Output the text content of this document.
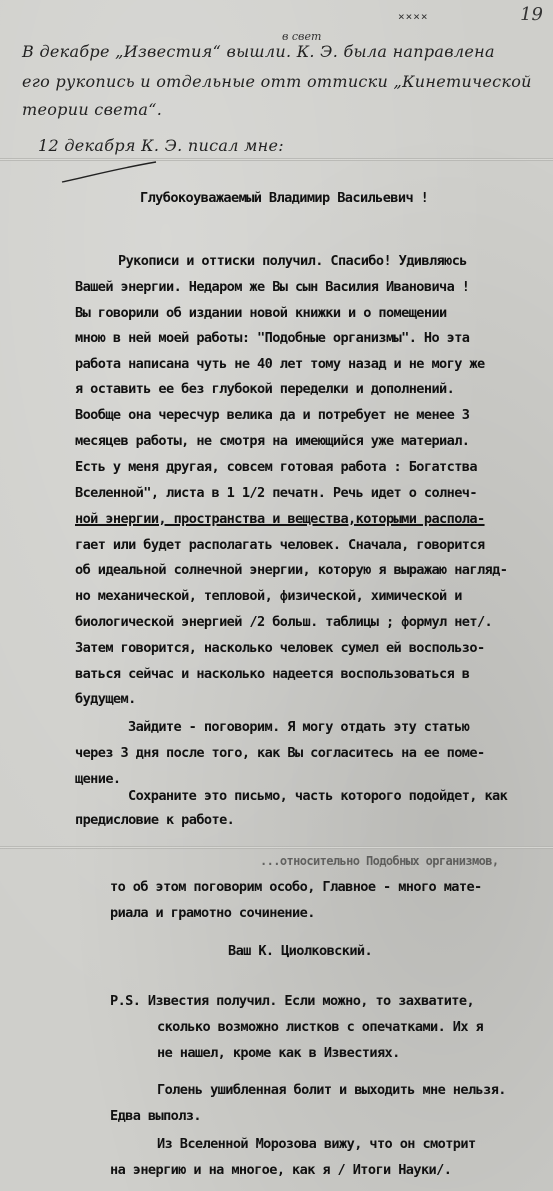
19
××××
в свет
В декабре „Известия“ вышли. К. Э. была направлена
его рукопись и отдельные отт оттиски „Кинетической
теории света“.
12 декабря К. Э. писал мне:
Глубокоуважаемый Владимир Васильевич !
Рукописи и оттиски получил. Спасибо! Удивляюсь
Вашей энергии. Недаром же Вы сын Василия Ивановича !
Вы говорили об издании новой книжки и о помещении
мною в ней моей работы: "Подобные организмы". Но эта
работа написана чуть не 40 лет тому назад и не могу же
я оставить ее без глубокой переделки и дополнений.
Вообще она чересчур велика да и потребует не менее 3
месяцев работы, не смотря на имеющийся уже материал.
Есть у меня другая, совсем готовая работа : Богатства
Вселенной", листа в 1 1/2 печатн. Речь идет о солнеч-
ной энергии, пространства и вещества,которыми распола-
гает или будет располагать человек. Сначала, говорится
об идеальной солнечной энергии, которую я выражаю нагляд-
но механической, тепловой, физической, химической и
биологической энергией /2 больш. таблицы ; формул нет/.
Затем говорится, насколько человек сумел ей воспользо-
ваться сейчас и насколько надеется воспользоваться в
будущем.
Зайдите - поговорим. Я могу отдать эту статью
через 3 дня после того, как Вы согласитесь на ее поме-
щение.
Сохраните это письмо, часть которого подойдет, как
предисловие к работе.
...относительно Подобных организмов,
то об этом поговорим особо, Главное - много мате-
риала и грамотно сочинение.
Ваш К. Циолковский.
P.S. Известия получил. Если можно, то захватите,
сколько возможно листков с опечатками. Их я
не нашел, кроме как в Известиях.
Голень ушибленная болит и выходить мне нельзя.
Едва выполз.
Из Вселенной Морозова вижу, что он смотрит
на энергию и на многое, как я / Итоги Науки/.
